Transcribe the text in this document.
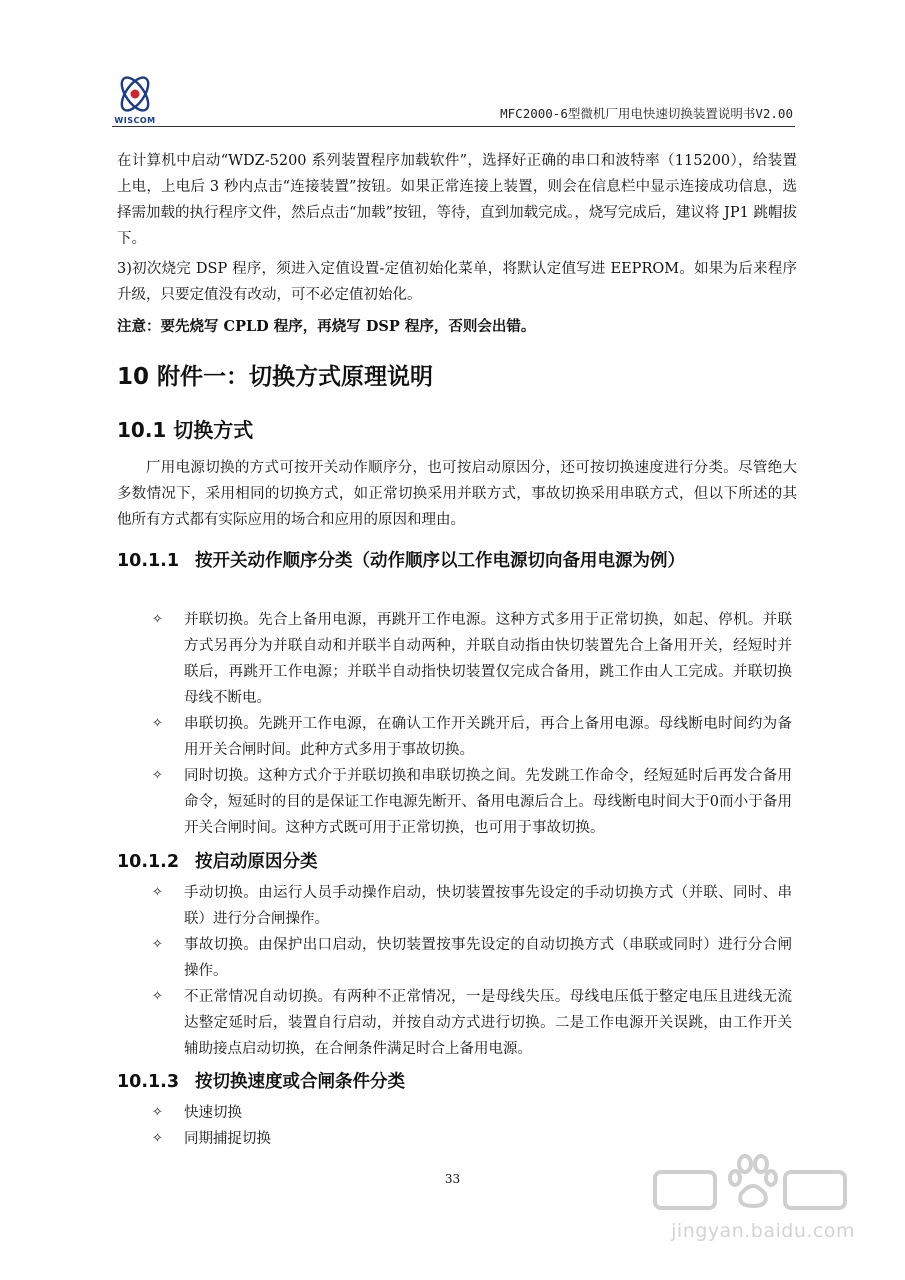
WISCOM	MFC2000-6型微机厂用电快速切换装置说明书V2.00
在计算机中启动“WDZ-5200 系列装置程序加载软件”，选择好正确的串口和波特率（115200），给装置上电，上电后 3 秒内点击“连接装置”按钮。如果正常连接上装置，则会在信息栏中显示连接成功信息，选择需加载的执行程序文件，然后点击“加载”按钮，等待，直到加载完成。，烧写完成后，建议将 JP1 跳帽拔下。
3)初次烧完 DSP 程序，须进入定值设置-定值初始化菜单，将默认定值写进 EEPROM。如果为后来程序升级，只要定值没有改动，可不必定值初始化。
注意：要先烧写 CPLD 程序，再烧写 DSP 程序，否则会出错。
10 附件一：切换方式原理说明
10.1 切换方式
厂用电源切换的方式可按开关动作顺序分，也可按启动原因分，还可按切换速度进行分类。尽管绝大多数情况下，采用相同的切换方式，如正常切换采用并联方式，事故切换采用串联方式，但以下所述的其他所有方式都有实际应用的场合和应用的原因和理由。
10.1.1 按开关动作顺序分类（动作顺序以工作电源切向备用电源为例）
✧ 并联切换。先合上备用电源，再跳开工作电源。这种方式多用于正常切换，如起、停机。并联方式另再分为并联自动和并联半自动两种，并联自动指由快切装置先合上备用开关，经短时并联后，再跳开工作电源；并联半自动指快切装置仅完成合备用，跳工作由人工完成。并联切换母线不断电。
✧ 串联切换。先跳开工作电源，在确认工作开关跳开后，再合上备用电源。母线断电时间约为备用开关合闸时间。此种方式多用于事故切换。
✧ 同时切换。这种方式介于并联切换和串联切换之间。先发跳工作命令，经短延时后再发合备用命令，短延时的目的是保证工作电源先断开、备用电源后合上。母线断电时间大于0而小于备用开关合闸时间。这种方式既可用于正常切换，也可用于事故切换。
10.1.2 按启动原因分类
✧ 手动切换。由运行人员手动操作启动，快切装置按事先设定的手动切换方式（并联、同时、串联）进行分合闸操作。
✧ 事故切换。由保护出口启动，快切装置按事先设定的自动切换方式（串联或同时）进行分合闸操作。
✧ 不正常情况自动切换。有两种不正常情况，一是母线失压。母线电压低于整定电压且进线无流达整定延时后，装置自行启动，并按自动方式进行切换。二是工作电源开关误跳，由工作开关辅助接点启动切换，在合闸条件满足时合上备用电源。
10.1.3 按切换速度或合闸条件分类
✧ 快速切换
✧ 同期捕捉切换
33
jingyan.baidu.com
